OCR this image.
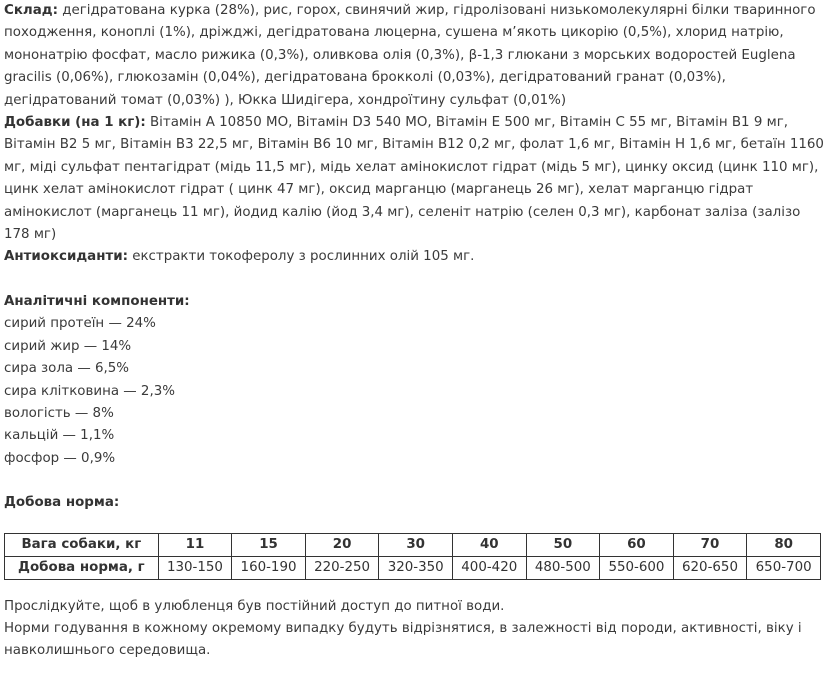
Склад: дегідратована курка (28%), рис, горох, свинячий жир, гідролізовані низькомолекулярні білки тваринного походження, коноплі (1%), дріжджі, дегідратована люцерна, сушена м’якоть цикорію (0,5%), хлорид натрію, мононатрію фосфат, масло рижика (0,3%), оливкова олія (0,3%), β-1,3 глюкани з морських водоростей Euglena gracilis (0,06%), глюкозамін (0,04%), дегідратована брокколі (0,03%), дегідратований гранат (0,03%), дегідратований томат (0,03%) ), Юкка Шидігера, хондроїтину сульфат (0,01%)

Добавки (на 1 кг): Вітамін А 10850 МО, Вітамін D3 540 МО, Вітамін Е 500 мг, Вітамін С 55 мг, Вітамін В1 9 мг, Вітамін В2 5 мг, Вітамін В3 22,5 мг, Вітамін В6 10 мг, Вітамін В12 0,2 мг, фолат 1,6 мг, Вітамін Н 1,6 мг, бетаїн 1160 мг, міді сульфат пентагідрат (мідь 11,5 мг), мідь хелат амінокислот гідрат (мідь 5 мг), цинку оксид (цинк 110 мг), цинк хелат амінокислот гідрат ( цинк 47 мг), оксид марганцю (марганець 26 мг), хелат марганцю гідрат амінокислот (марганець 11 мг), йодид калію (йод 3,4 мг), селеніт натрію (селен 0,3 мг), карбонат заліза (залізо 178 мг)

Антиоксиданти: екстракти токоферолу з рослинних олій 105 мг.

Аналітичні компоненти:
сирий протеїн — 24%
сирий жир — 14%
сира зола — 6,5%
сира клітковина — 2,3%
вологість — 8%
кальцій — 1,1%
фосфор — 0,9%
Добова норма:
Вага собаки, кг	11	15	20	30	40	50	60	70	80
Добова норма, г	130-150	160-190	220-250	320-350	400-420	480-500	550-600	620-650	650-700

Прослідкуйте, щоб в улюбленця був постійний доступ до питної води.

Норми годування в кожному окремому випадку будуть відрізнятися, в залежності від породи, активності, віку і навколишнього середовища.
